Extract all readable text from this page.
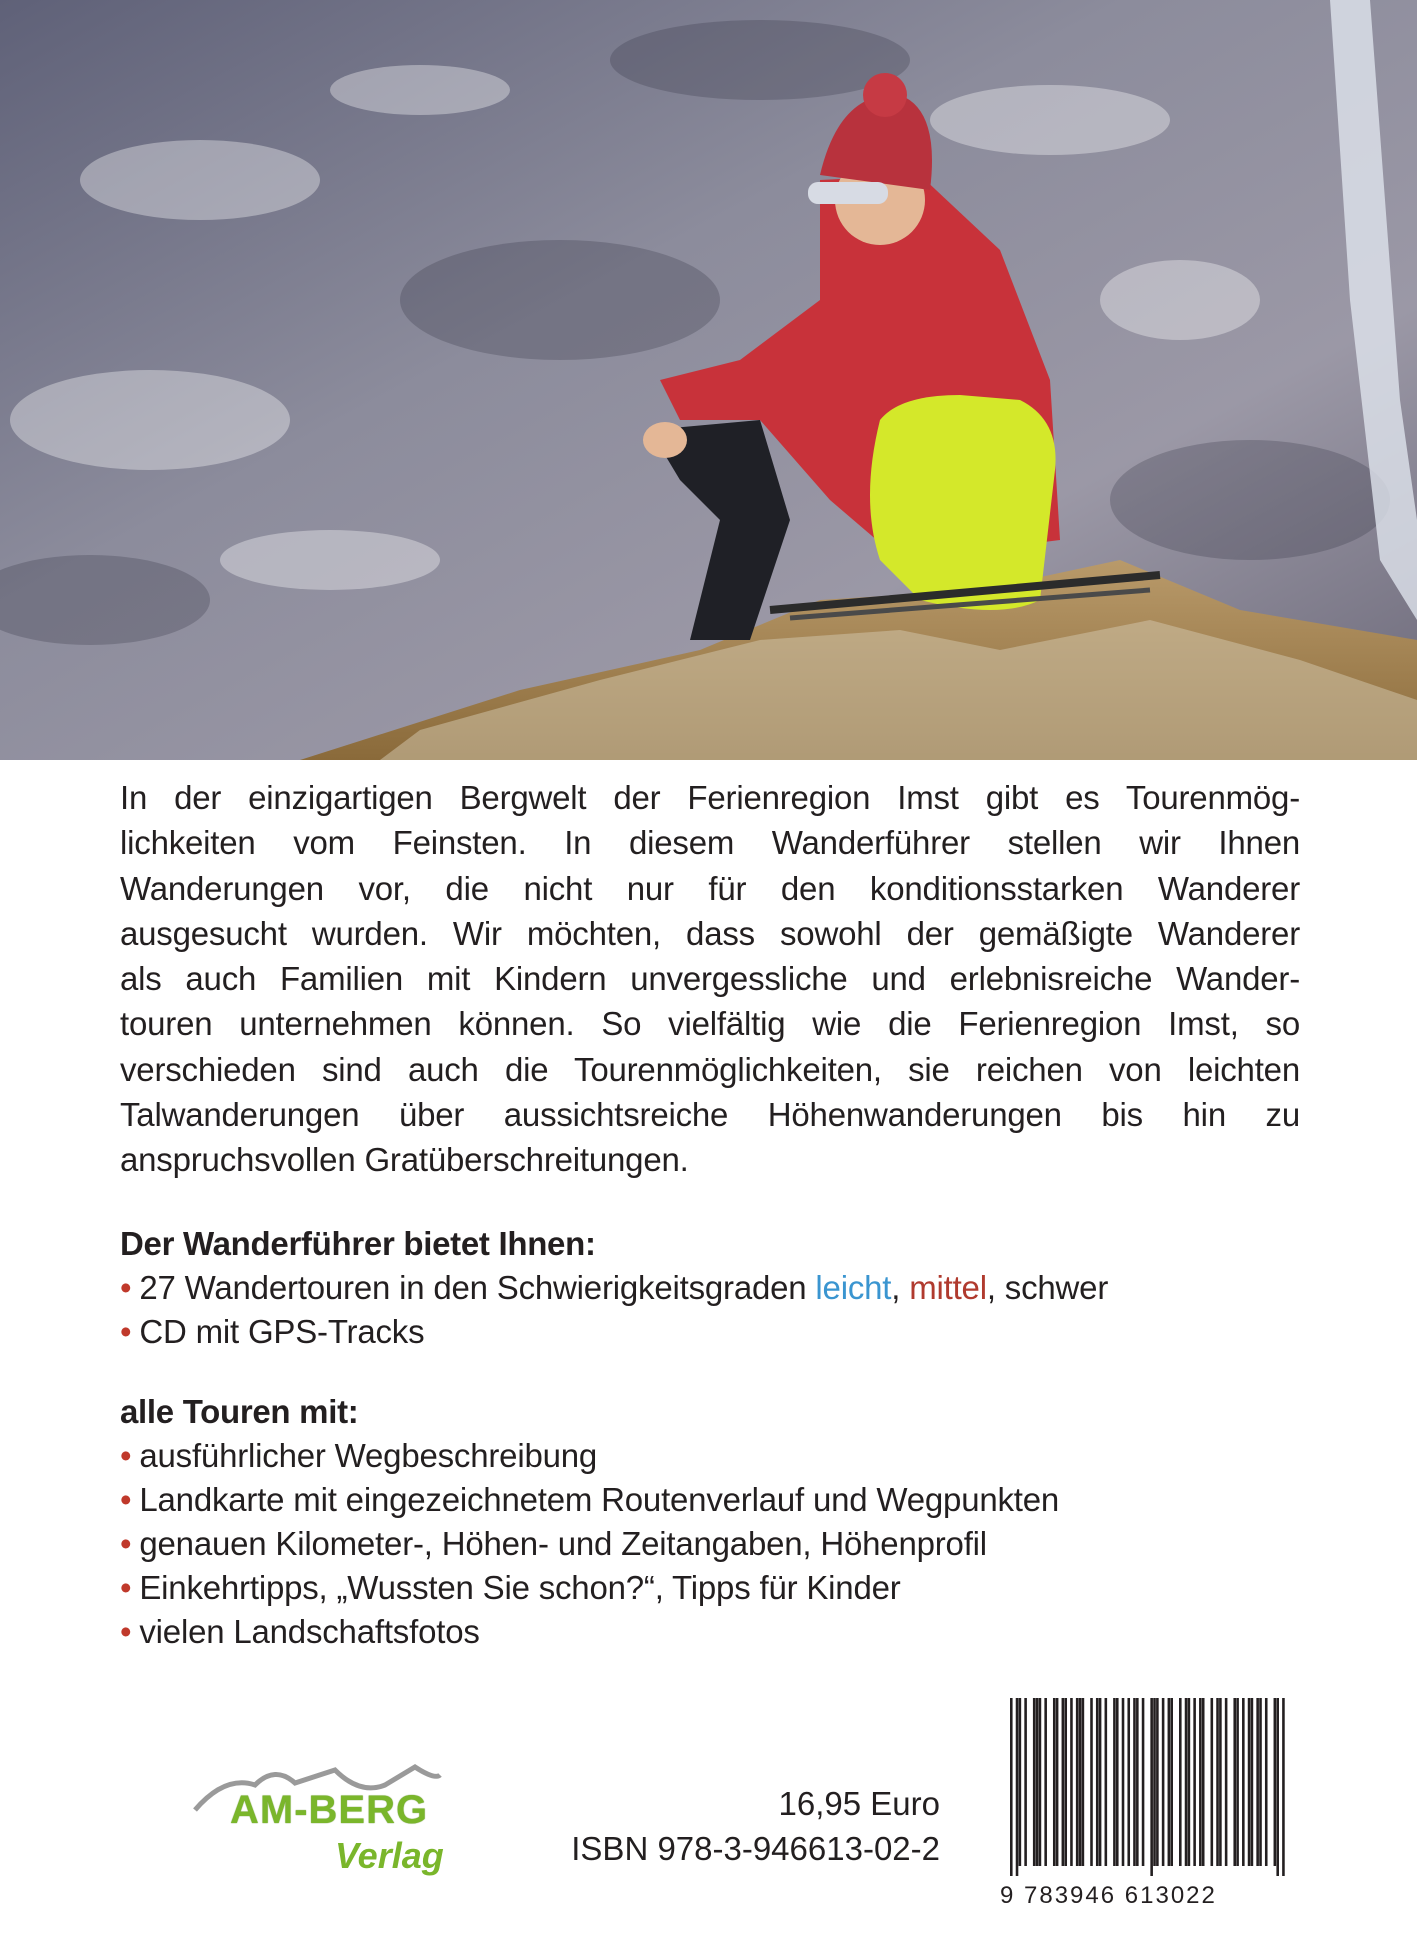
In der einzigartigen Bergwelt der Ferienregion Imst gibt es Tourenmög-
lichkeiten vom Feinsten. In diesem Wanderführer stellen wir Ihnen
Wanderungen vor, die nicht nur für den konditionsstarken Wanderer
ausgesucht wurden. Wir möchten, dass sowohl der gemäßigte Wanderer
als auch Familien mit Kindern unvergessliche und erlebnisreiche Wander-
touren unternehmen können. So vielfältig wie die Ferienregion Imst, so
verschieden sind auch die Tourenmöglichkeiten, sie reichen von leichten
Talwanderungen über aussichtsreiche Höhenwanderungen bis hin zu
anspruchsvollen Gratüberschreitungen.

Der Wanderführer bietet Ihnen:
• 27 Wandertouren in den Schwierigkeitsgraden leicht, mittel, schwer
• CD mit GPS-Tracks
alle Touren mit:
• ausführlicher Wegbeschreibung
• Landkarte mit eingezeichnetem Routenverlauf und Wegpunkten
• genauen Kilometer-, Höhen- und Zeitangaben, Höhenprofil
• Einkehrtipps, „Wussten Sie schon?“, Tipps für Kinder
• vielen Landschaftsfotos
AM-BERG
Verlag
16,95 Euro
ISBN 978-3-946613-02-2
9 783946 613022
